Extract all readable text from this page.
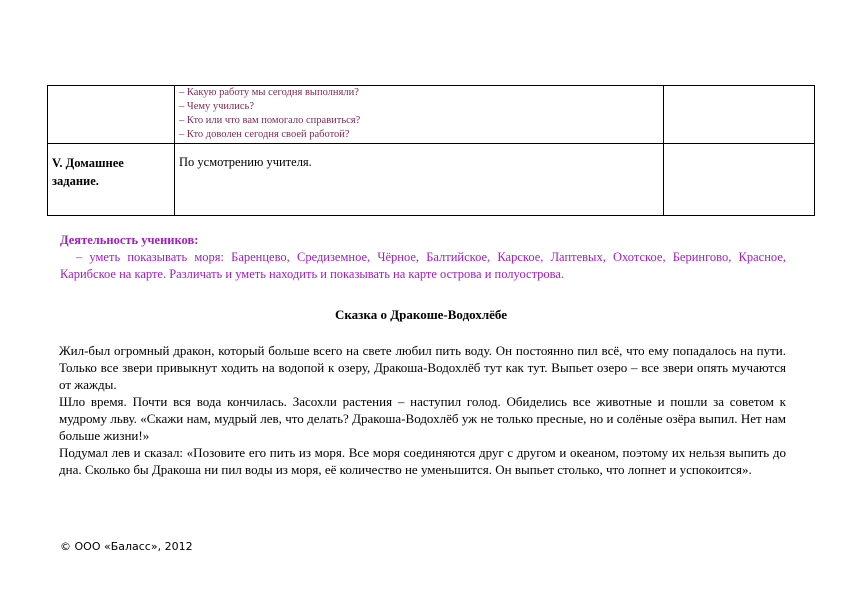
	– Какую работу мы сегодня выполняли?
– Чему учились?
– Кто или что вам помогало справиться?
– Кто доволен сегодня своей работой?	

V. Домашнее задание.	По усмотрению учителя.	

Деятельность учеников:
– уметь показывать моря: Баренцево, Средиземное, Чёрное, Балтийское, Карское, Лаптевых, Охотское, Берингово, Красное, Карибское на карте. Различать и уметь находить и показывать на карте острова и полуострова.
Сказка о Дракоше-Водохлёбе

Жил-был огромный дракон, который больше всего на свете любил пить воду. Он постоянно пил всё, что ему попадалось на пути. Только все звери привыкнут ходить на водопой к озеру, Дракоша-Водохлёб тут как тут. Выпьет озеро – все звери опять мучаются от жажды.

Шло время. Почти вся вода кончилась. Засохли растения – наступил голод. Обиделись все животные и пошли за советом к мудрому льву. «Скажи нам, мудрый лев, что делать? Дракоша-Водохлёб уж не только пресные, но и солёные озёра выпил. Нет нам больше жизни!»

Подумал лев и сказал: «Позовите его пить из моря. Все моря соединяются друг с другом и океаном, поэтому их нельзя выпить до дна. Сколько бы Дракоша ни пил воды из моря, её количество не уменьшится. Он выпьет столько, что лопнет и успокоится».

© ООО «Баласс», 2012
